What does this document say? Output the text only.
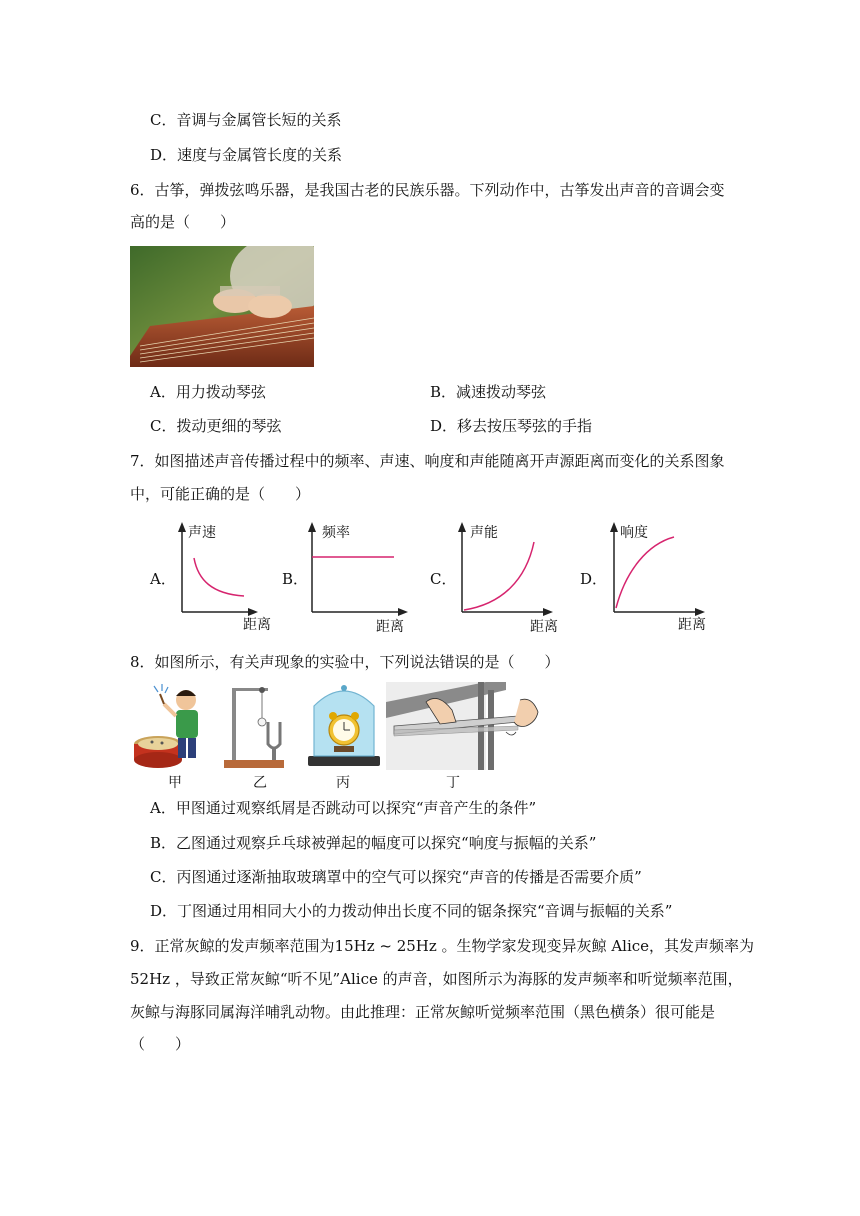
C．音调与金属管长短的关系
D．速度与金属管长度的关系
6．古筝，弹拨弦鸣乐器，是我国古老的民族乐器。下列动作中，古筝发出声音的音调会变
高的是（　　）
A．用力拨动琴弦	B．减速拨动琴弦
C．拨动更细的琴弦	D．移去按压琴弦的手指
7．如图描述声音传播过程中的频率、声速、响度和声能随离开声源距离而变化的关系图象
中，可能正确的是（　　）
A．
声速
距离
B．
频率
距离
C．
声能
距离
D．
响度
距离
8．如图所示，有关声现象的实验中，下列说法错误的是（　　）
甲	乙	丙	丁
A．甲图通过观察纸屑是否跳动可以探究“声音产生的条件”
B．乙图通过观察乒乓球被弹起的幅度可以探究“响度与振幅的关系”
C．丙图通过逐渐抽取玻璃罩中的空气可以探究“声音的传播是否需要介质”
D．丁图通过用相同大小的力拨动伸出长度不同的锯条探究“音调与振幅的关系”
9．正常灰鲸的发声频率范围为15Hz ~ 25Hz 。生物学家发现变异灰鲸 Alice，其发声频率为
52Hz ，导致正常灰鲸“听不见”Alice 的声音，如图所示为海豚的发声频率和听觉频率范围，
灰鲸与海豚同属海洋哺乳动物。由此推理：正常灰鲸听觉频率范围（黑色横条）很可能是
（　　）
